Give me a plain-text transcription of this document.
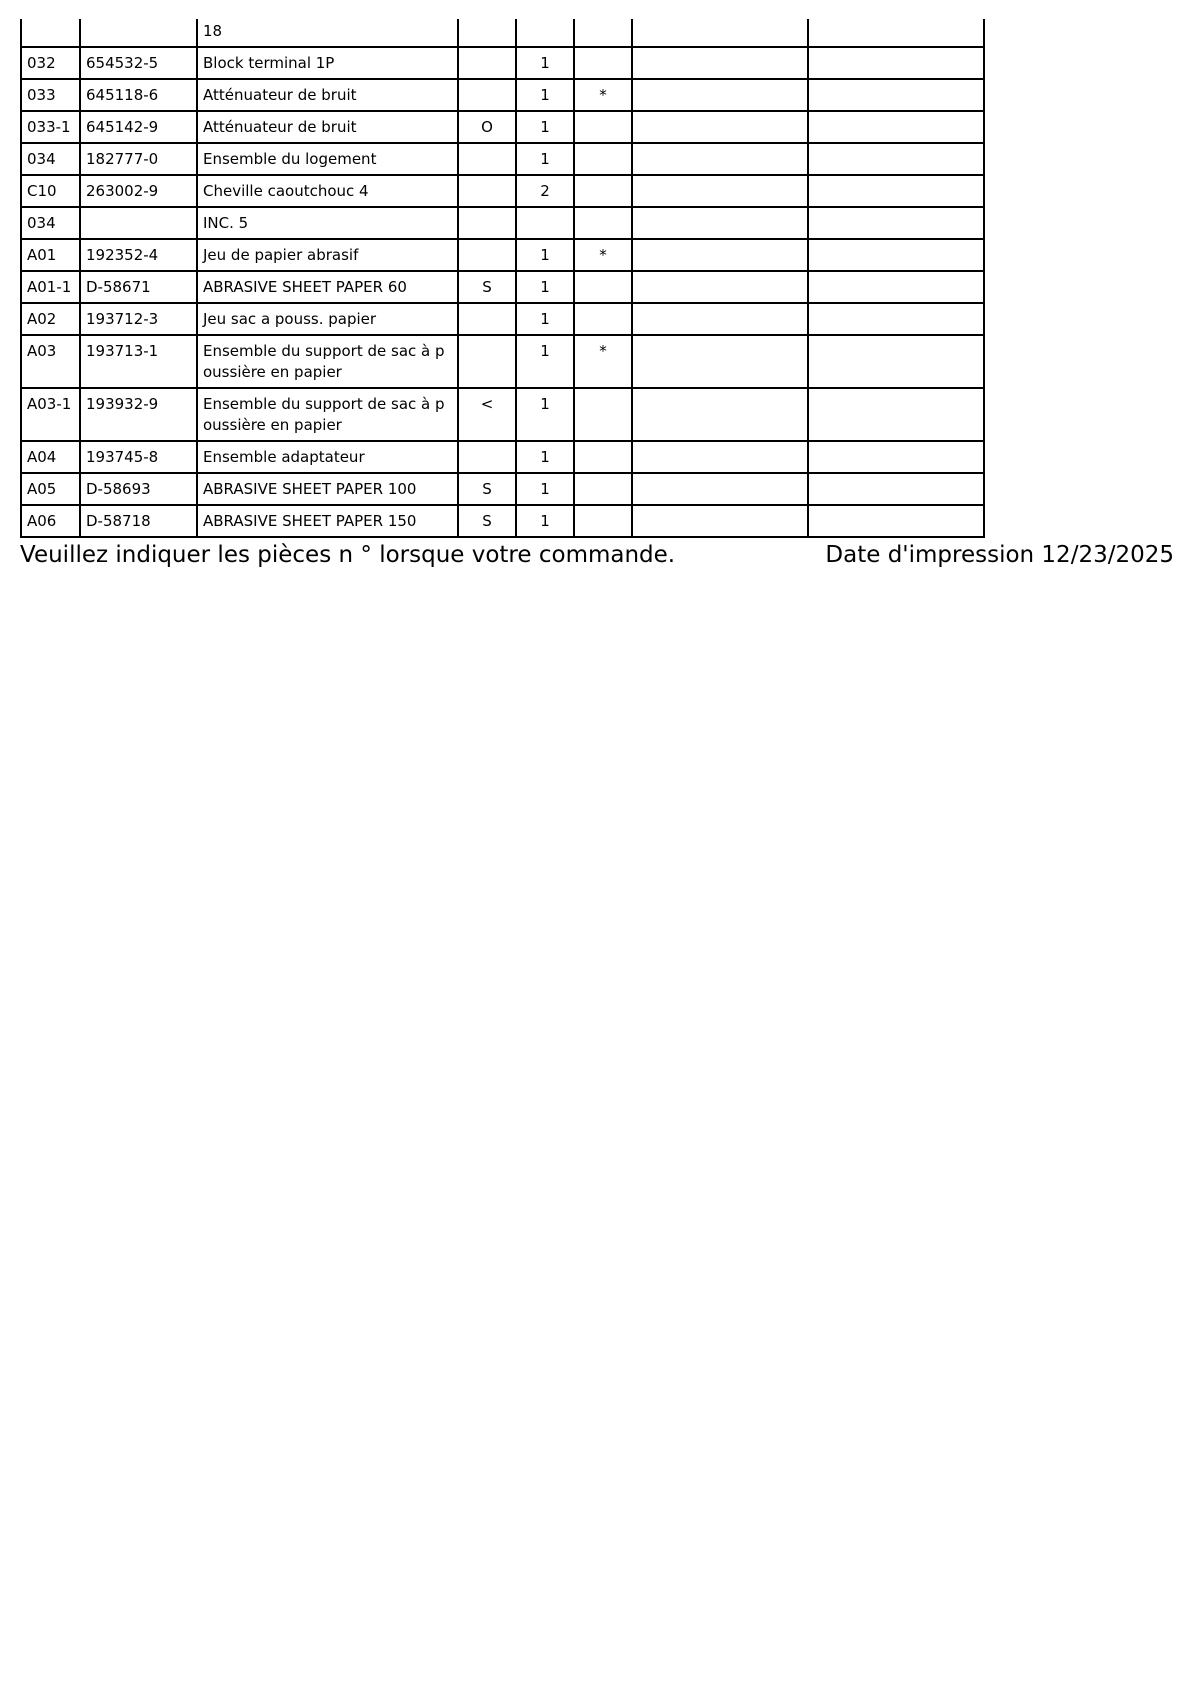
		18					

032	654532-5	Block terminal 1P		1			
033	645118-6	Atténuateur de bruit		1	*		
033-1	645142-9	Atténuateur de bruit	O	1			
034	182777-0	Ensemble du logement		1			
C10	263002-9	Cheville caoutchouc 4		2			
034		INC. 5					

A01	192352-4	Jeu de papier abrasif		1	*		
A01-1	D-58671	ABRASIVE SHEET PAPER 60	S	1			
A02	193712-3	Jeu sac a pouss. papier		1			
A03	193713-1	Ensemble du support de sac à p
oussière en papier		1	*		
A03-1	193932-9	Ensemble du support de sac à p
oussière en papier	<	1			
A04	193745-8	Ensemble adaptateur		1			
A05	D-58693	ABRASIVE SHEET PAPER 100	S	1			
A06	D-58718	ABRASIVE SHEET PAPER 150	S	1			
Veuillez indiquer les pièces n ° lorsque votre commande.	Date d'impression 12/23/2025
